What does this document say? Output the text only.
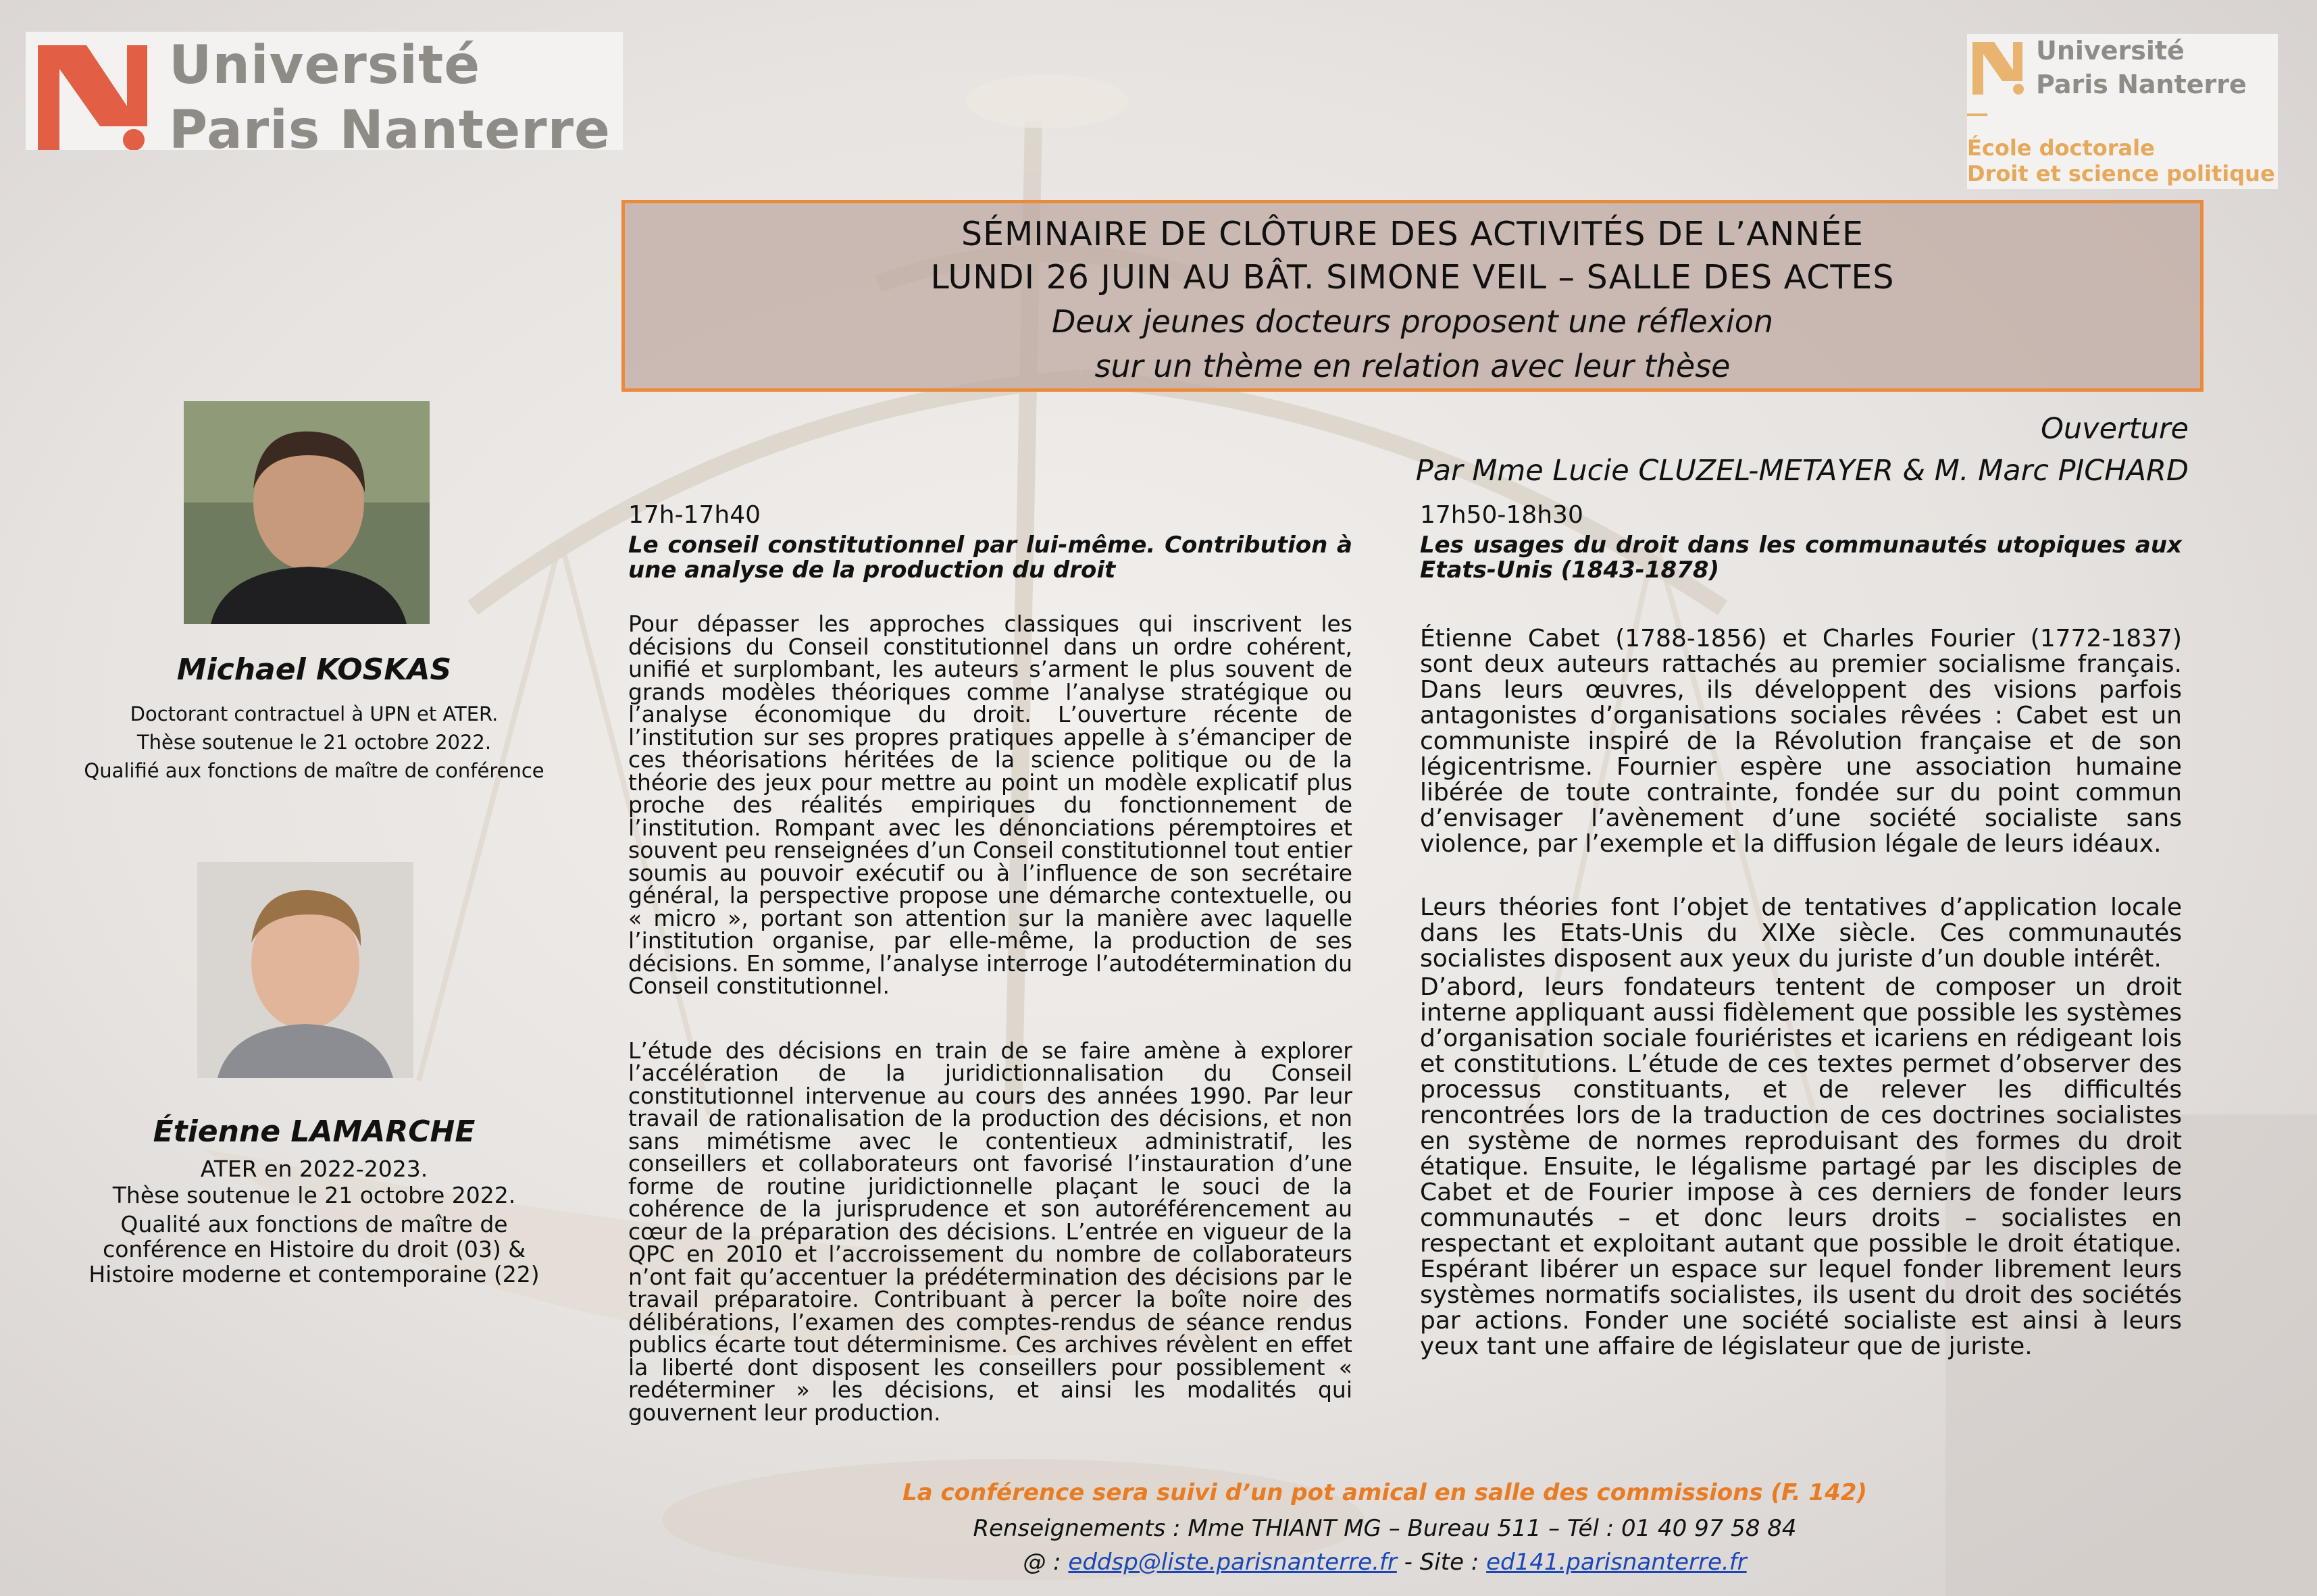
Université
Paris Nanterre
Université
Paris Nanterre
École doctorale
Droit et science politique
SÉMINAIRE DE CLÔTURE DES ACTIVITÉS DE L’ANNÉE
LUNDI 26 JUIN AU BÂT. SIMONE VEIL – SALLE DES ACTES
Deux jeunes docteurs proposent une réflexion
sur un thème en relation avec leur thèse
Ouverture
Par Mme Lucie CLUZEL-METAYER & M. Marc PICHARD
Michael KOSKAS
Doctorant contractuel à UPN et ATER.
Thèse soutenue le 21 octobre 2022.
Qualifié aux fonctions de maître de conférence
Étienne LAMARCHE
ATER en 2022-2023.
Thèse soutenue le 21 octobre 2022.
Qualité aux fonctions de maître de
conférence en Histoire du droit (03) &
Histoire moderne et contemporaine (22)
17h-17h40
Le conseil constitutionnel par lui-même. Contribution à une analyse de la production du droit

Pour dépasser les approches classiques qui inscrivent les décisions du Conseil constitutionnel dans un ordre cohérent, unifié et surplombant, les auteurs s’arment le plus souvent de grands modèles théoriques comme l’analyse stratégique ou l’analyse économique du droit. L’ouverture récente de l’institution sur ses propres pratiques appelle à s’émanciper de ces théorisations héritées de la science politique ou de la théorie des jeux pour mettre au point un modèle explicatif plus proche des réalités empiriques du fonctionnement de l’institution. Rompant avec les dénonciations péremptoires et souvent peu renseignées d’un Conseil constitutionnel tout entier soumis au pouvoir exécutif ou à l’influence de son secrétaire général, la perspective propose une démarche contextuelle, ou « micro », portant son attention sur la manière avec laquelle l’institution organise, par elle-même, la production de ses décisions. En somme, l’analyse interroge l’autodétermination du Conseil constitutionnel.

L’étude des décisions en train de se faire amène à explorer l’accélération de la juridictionnalisation du Conseil constitutionnel intervenue au cours des années 1990. Par leur travail de rationalisation de la production des décisions, et non sans mimétisme avec le contentieux administratif, les conseillers et collaborateurs ont favorisé l’instauration d’une forme de routine juridictionnelle plaçant le souci de la cohérence de la jurisprudence et son autoréférencement au cœur de la préparation des décisions. L’entrée en vigueur de la QPC en 2010 et l’accroissement du nombre de collaborateurs n’ont fait qu’accentuer la prédétermination des décisions par le travail préparatoire. Contribuant à percer la boîte noire des délibérations, l’examen des comptes-rendus de séance rendus publics écarte tout déterminisme. Ces archives révèlent en effet la liberté dont disposent les conseillers pour possiblement « redéterminer » les décisions, et ainsi les modalités qui gouvernent leur production.

17h50-18h30
Les usages du droit dans les communautés utopiques aux Etats-Unis (1843-1878)

Étienne Cabet (1788-1856) et Charles Fourier (1772-1837) sont deux auteurs rattachés au premier socialisme français. Dans leurs œuvres, ils développent des visions parfois antagonistes d’organisations sociales rêvées : Cabet est un communiste inspiré de la Révolution française et de son légicentrisme. Fournier espère une association humaine libérée de toute contrainte, fondée sur du point commun d’envisager l’avènement d’une société socialiste sans violence, par l’exemple et la diffusion légale de leurs idéaux.

Leurs théories font l’objet de tentatives d’application locale dans les Etats-Unis du XIXe siècle. Ces communautés socialistes disposent aux yeux du juriste d’un double intérêt.

D’abord, leurs fondateurs tentent de composer un droit interne appliquant aussi fidèlement que possible les systèmes d’organisation sociale fouriéristes et icariens en rédigeant lois et constitutions. L’étude de ces textes permet d’observer des processus constituants, et de relever les difficultés rencontrées lors de la traduction de ces doctrines socialistes en système de normes reproduisant des formes du droit étatique. Ensuite, le légalisme partagé par les disciples de Cabet et de Fourier impose à ces derniers de fonder leurs communautés – et donc leurs droits – socialistes en respectant et exploitant autant que possible le droit étatique. Espérant libérer un espace sur lequel fonder librement leurs systèmes normatifs socialistes, ils usent du droit des sociétés par actions. Fonder une société socialiste est ainsi à leurs yeux tant une affaire de législateur que de juriste.

La conférence sera suivi d’un pot amical en salle des commissions (F. 142)
Renseignements : Mme THIANT MG – Bureau 511 – Tél : 01 40 97 58 84
@ : eddsp@liste.parisnanterre.fr - Site : ed141.parisnanterre.fr
